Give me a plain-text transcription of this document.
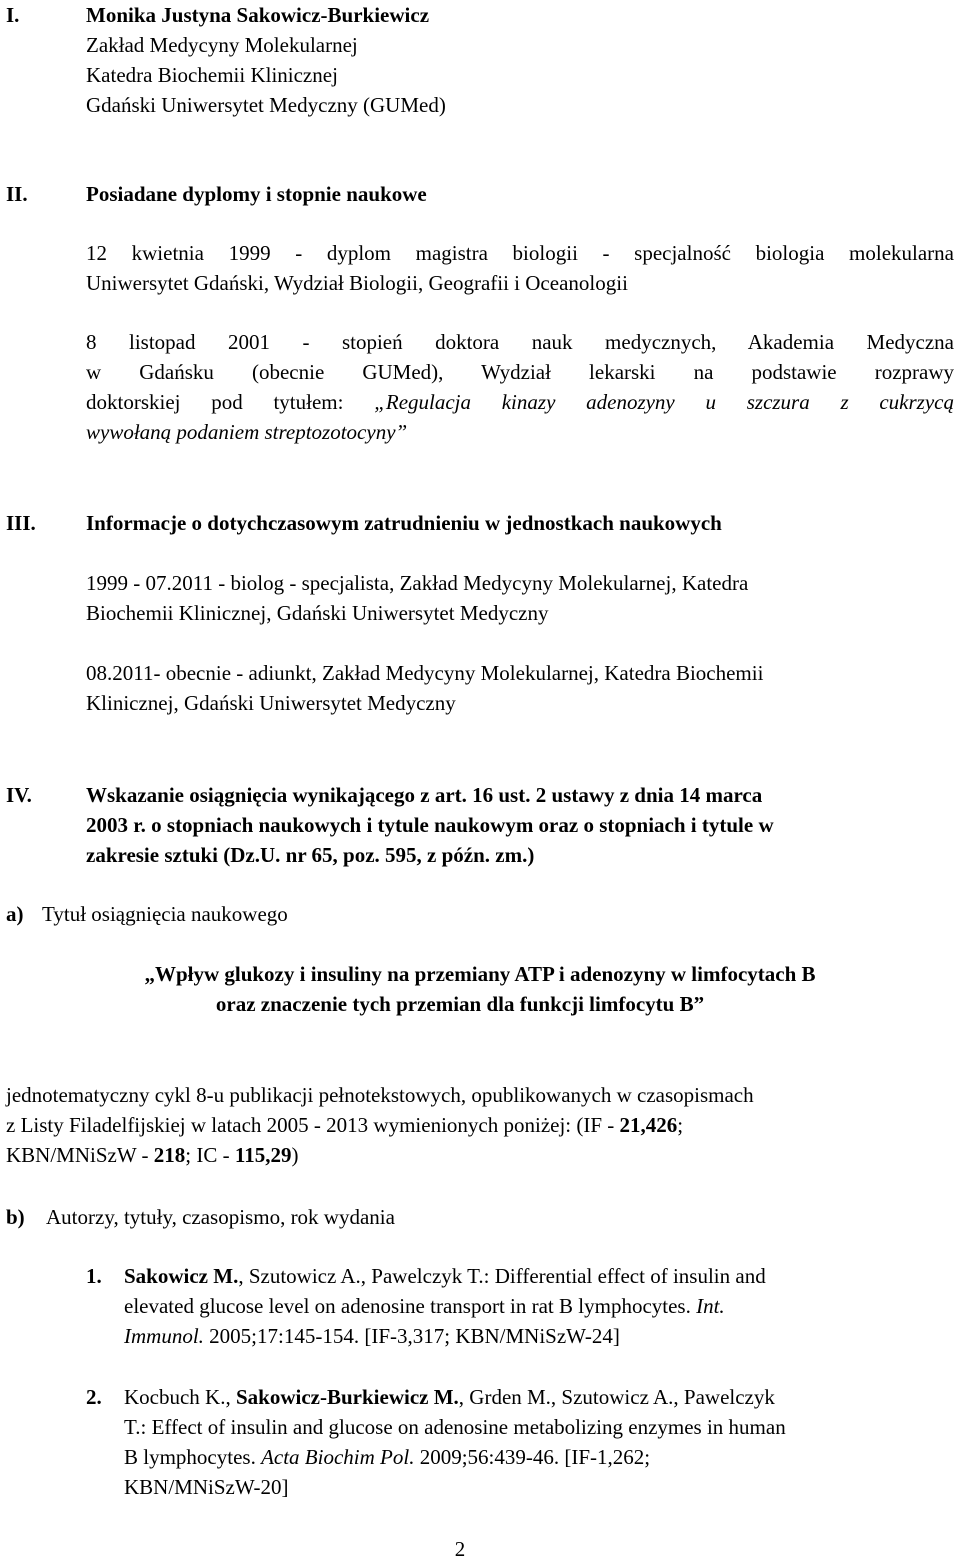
I.	Monika Justyna Sakowicz-Burkiewicz
Zakład Medycyny Molekularnej
Katedra Biochemii Klinicznej
Gdański Uniwersytet Medyczny (GUMed)
II.	Posiadane dyplomy i stopnie naukowe
12 kwietnia 1999 - dyplom magistra biologii - specjalność biologia molekularna
Uniwersytet Gdański, Wydział Biologii, Geografii i Oceanologii
8 listopad 2001 - stopień doktora nauk medycznych, Akademia Medyczna
w Gdańsku (obecnie GUMed), Wydział lekarski na podstawie rozprawy
doktorskiej pod tytułem: „Regulacja kinazy adenozyny u szczura z cukrzycą
wywołaną podaniem streptozotocyny”
III. Informacje o dotychczasowym zatrudnieniu w jednostkach naukowych
1999 - 07.2011 - biolog - specjalista, Zakład Medycyny Molekularnej, Katedra
Biochemii Klinicznej, Gdański Uniwersytet Medyczny
08.2011- obecnie - adiunkt, Zakład Medycyny Molekularnej, Katedra Biochemii
Klinicznej, Gdański Uniwersytet Medyczny
IV.	Wskazanie osiągnięcia wynikającego z art. 16 ust. 2 ustawy z dnia 14 marca
2003 r. o stopniach naukowych i tytule naukowym oraz o stopniach i tytule w
zakresie sztuki (Dz.U. nr 65, poz. 595, z późn. zm.)
a) Tytuł osiągnięcia naukowego
„Wpływ glukozy i insuliny na przemiany ATP i adenozyny w limfocytach B
oraz znaczenie tych przemian dla funkcji limfocytu B”
jednotematyczny cykl 8-u publikacji pełnotekstowych, opublikowanych w czasopismach
z Listy Filadelfijskiej w latach 2005 - 2013 wymienionych poniżej: (IF - 21,426;
KBN/MNiSzW - 218; IC - 115,29)
b) Autorzy, tytuły, czasopismo, rok wydania
1. Sakowicz M., Szutowicz A., Pawelczyk T.: Differential effect of insulin and
elevated glucose level on adenosine transport in rat B lymphocytes. Int.
Immunol. 2005;17:145-154. [IF-3,317; KBN/MNiSzW-24]
2. Kocbuch K., Sakowicz-Burkiewicz M., Grden M., Szutowicz A., Pawelczyk
T.: Effect of insulin and glucose on adenosine metabolizing enzymes in human
B lymphocytes. Acta Biochim Pol. 2009;56:439-46. [IF-1,262;
KBN/MNiSzW-20]
2
